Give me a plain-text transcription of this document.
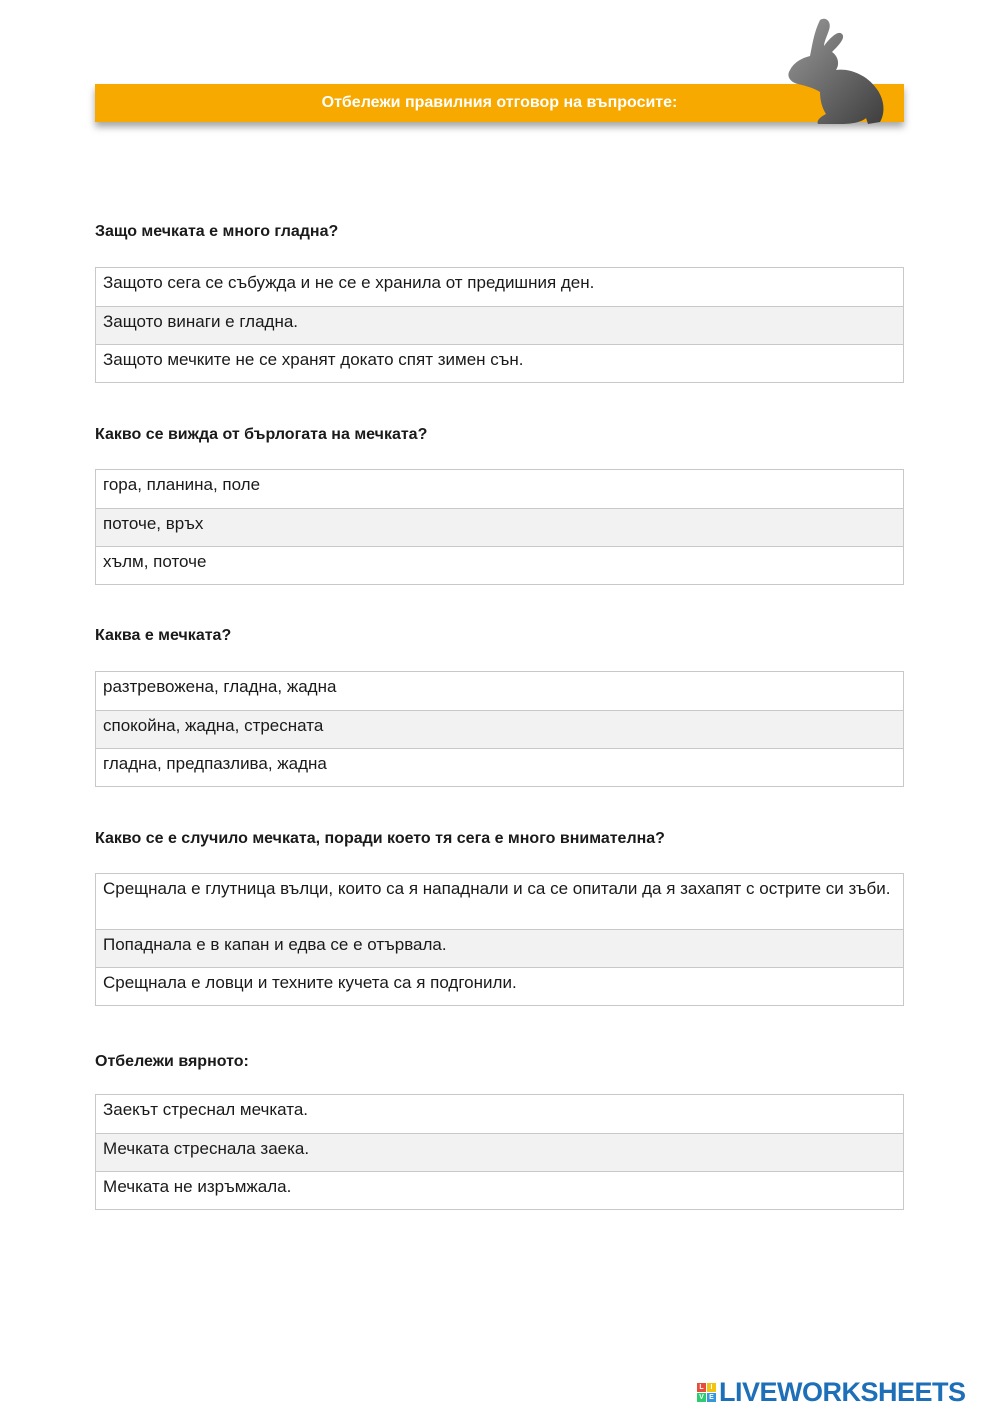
Отбележи правилния отговор на въпросите:
Защо мечката е много гладна?
Защото сега се събужда и не се е хранила от предишния ден.
Защото винаги е гладна.
Защото мечките не се хранят докато спят зимен сън.
Какво се вижда от бърлогата на мечката?
гора, планина, поле
поточе, връх
хълм, поточе
Каква е мечката?
разтревожена, гладна, жадна
спокойна, жадна, стресната
гладна, предпазлива, жадна
Какво се е случило мечката, поради което тя сега е много внимателна?
Срещнала е глутница вълци, които са я нападнали и са се опитали да я захапят с острите си зъби.
Попаднала е в капан и едва се е отървала.
Срещнала е ловци и техните кучета са я подгонили.
Отбележи вярното:
Заекът стреснал мечката.
Мечката стреснала заека.
Мечката не изръмжала.
L I
V E LIVEWORKSHEETS
